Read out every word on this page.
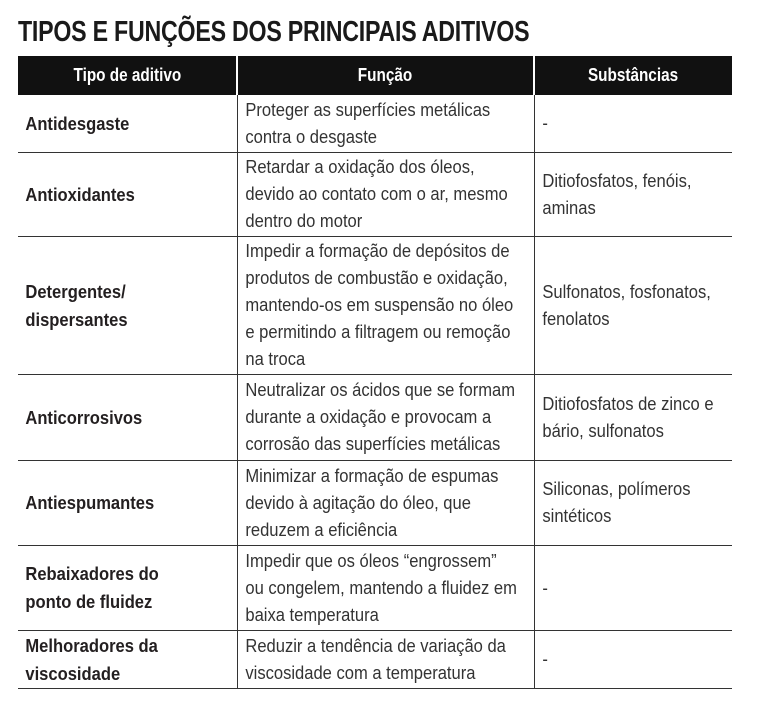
TIPOS E FUNÇÕES DOS PRINCIPAIS ADITIVOS
Tipo de aditivo	Função	Substâncias

Antidesgaste	Proteger as superfícies metálicas
contra o desgaste	-

Antioxidantes	Retardar a oxidação dos óleos,
devido ao contato com o ar, mesmo
dentro do motor	Ditiofosfatos, fenóis,
aminas

Detergentes/
dispersantes	Impedir a formação de depósitos de
produtos de combustão e oxidação,
mantendo-os em suspensão no óleo
e permitindo a filtragem ou remoção
na troca	Sulfonatos, fosfonatos,
fenolatos

Anticorrosivos	Neutralizar os ácidos que se formam
durante a oxidação e provocam a
corrosão das superfícies metálicas	Ditiofosfatos de zinco e
bário, sulfonatos

Antiespumantes	Minimizar a formação de espumas
devido à agitação do óleo, que
reduzem a eficiência	Siliconas, polímeros
sintéticos

Rebaixadores do
ponto de fluidez	Impedir que os óleos “engrossem”
ou congelem, mantendo a fluidez em
baixa temperatura	-

Melhoradores da
viscosidade	Reduzir a tendência de variação da
viscosidade com a temperatura	-
